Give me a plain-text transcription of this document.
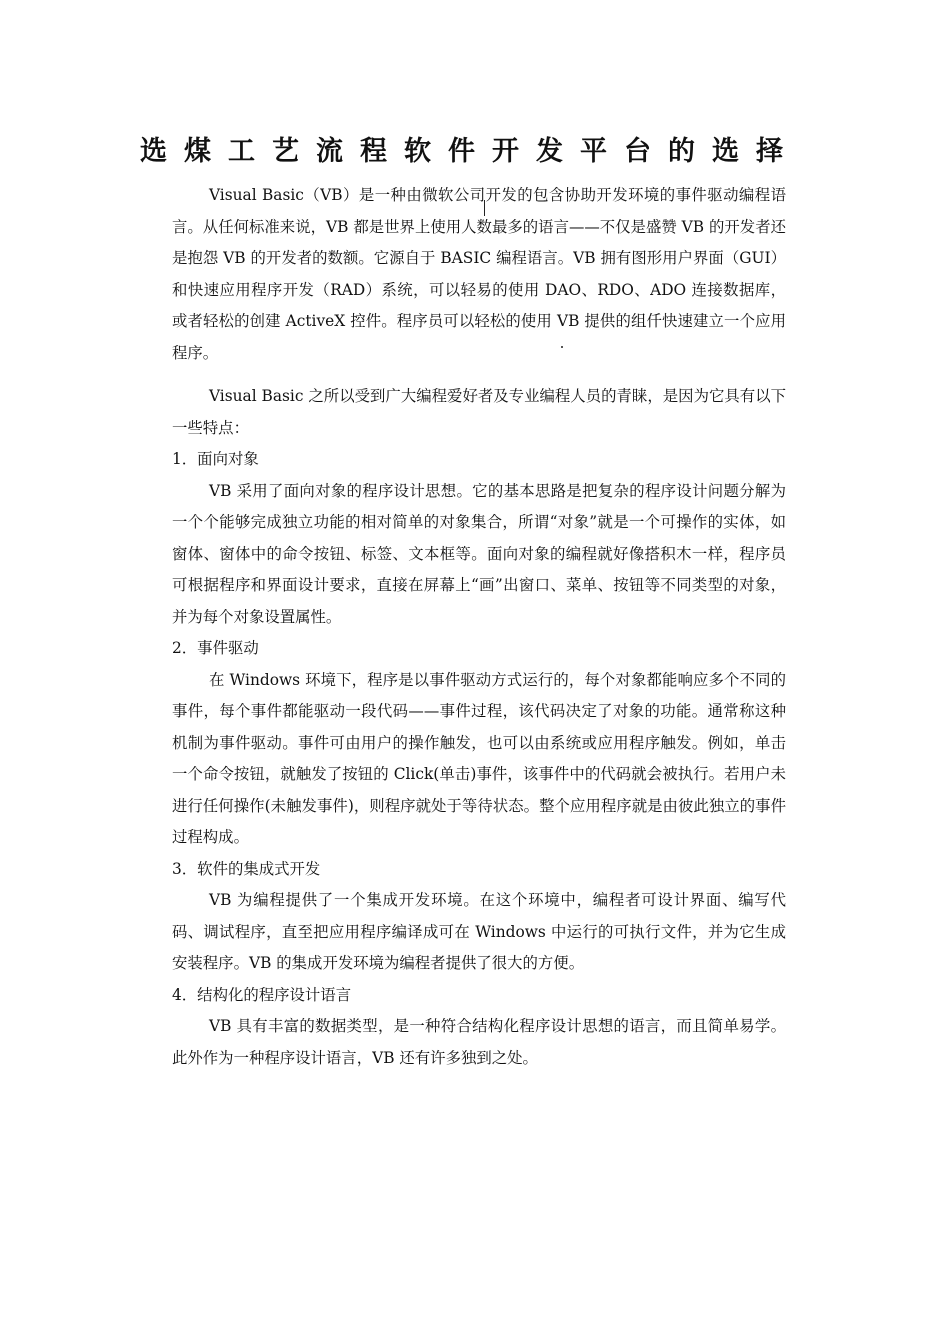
选煤工艺流程软件开发平台的选择

Visual Basic（VB）是一种由微软公司开发的包含协助开发环境的事件驱动编程语言。从任何标准来说，VB 都是世界上使用人数最多的语言——不仅是盛赞 VB 的开发者还是抱怨 VB 的开发者的数额。它源自于 BASIC 编程语言。VB 拥有图形用户界面（GUI）和快速应用程序开发（RAD）系统，可以轻易的使用 DAO、RDO、ADO 连接数据库，或者轻松的创建 ActiveX 控件。程序员可以轻松的使用 VB 提供的组仟快速建立一个应用程序。

Visual Basic 之所以受到广大编程爱好者及专业编程人员的青睐，是因为它具有以下一些特点：

1．面向对象

VB 采用了面向对象的程序设计思想。它的基本思路是把复杂的程序设计问题分解为一个个能够完成独立功能的相对简单的对象集合，所谓“对象”就是一个可操作的实体，如窗体、窗体中的命令按钮、标签、文本框等。面向对象的编程就好像搭积木一样，程序员可根据程序和界面设计要求，直接在屏幕上“画”出窗口、菜单、按钮等不同类型的对象，并为每个对象设置属性。

2．事件驱动

在 Windows 环境下，程序是以事件驱动方式运行的，每个对象都能响应多个不同的事件，每个事件都能驱动一段代码——事件过程，该代码决定了对象的功能。通常称这种机制为事件驱动。事件可由用户的操作触发，也可以由系统或应用程序触发。例如，单击一个命令按钮，就触发了按钮的 Click(单击)事件，该事件中的代码就会被执行。若用户未进行任何操作(未触发事件)，则程序就处于等待状态。整个应用程序就是由彼此独立的事件过程构成。

3．软件的集成式开发

VB 为编程提供了一个集成开发环境。在这个环境中，编程者可设计界面、编写代码、调试程序，直至把应用程序编译成可在 Windows 中运行的可执行文件，并为它生成安装程序。VB 的集成开发环境为编程者提供了很大的方便。

4．结构化的程序设计语言

VB 具有丰富的数据类型，是一种符合结构化程序设计思想的语言，而且简单易学。此外作为一种程序设计语言，VB 还有许多独到之处。
